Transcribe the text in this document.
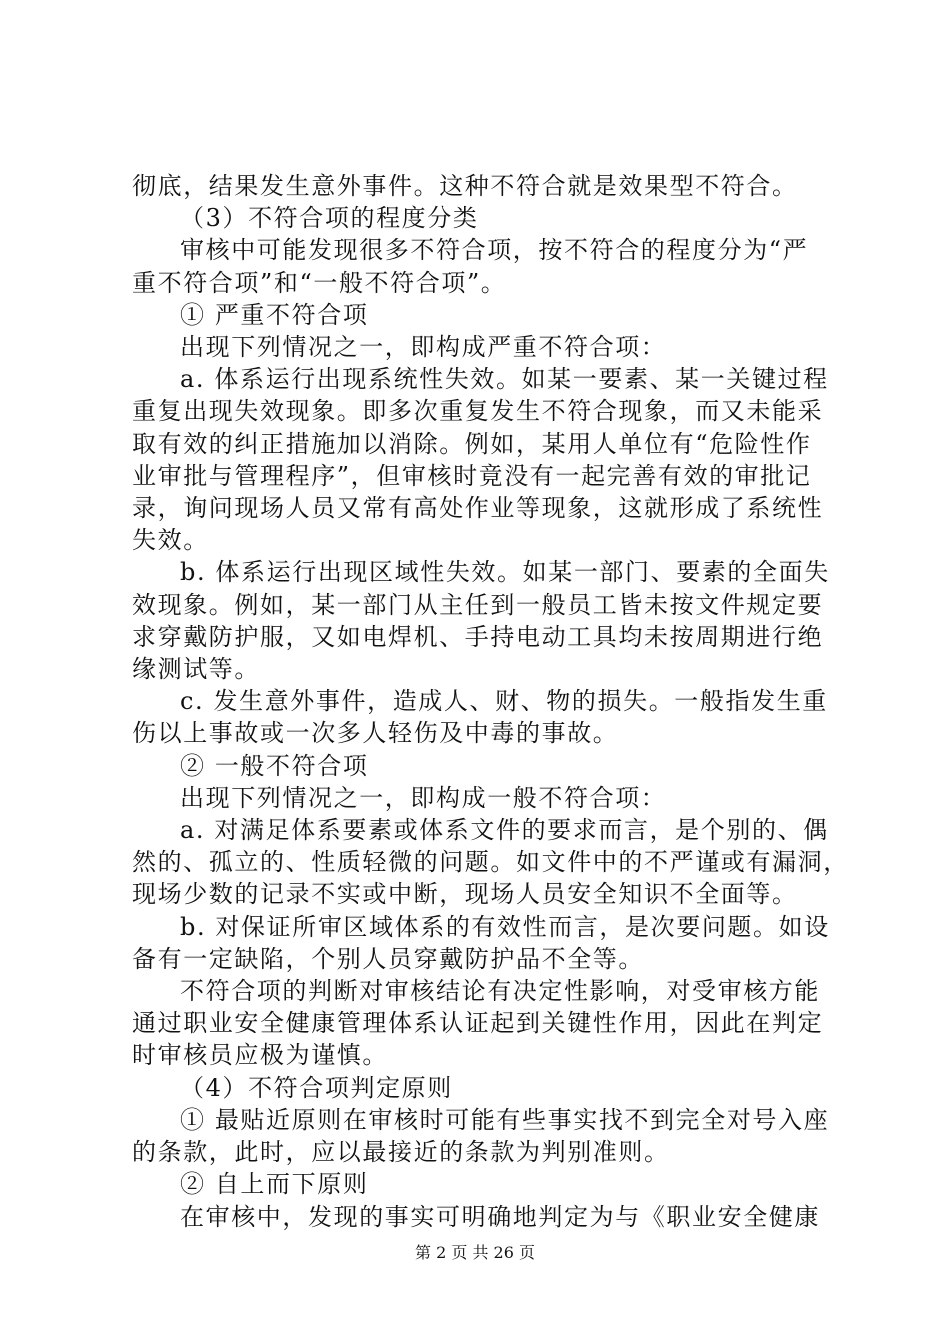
彻底，结果发生意外事件。这种不符合就是效果型不符合。

（3）不符合项的程度分类

审核中可能发现很多不符合项，按不符合的程度分为“严

重不符合项”和“一般不符合项”。

① 严重不符合项

出现下列情况之一，即构成严重不符合项：

a. 体系运行出现系统性失效。如某一要素、某一关键过程

重复出现失效现象。即多次重复发生不符合现象，而又未能采

取有效的纠正措施加以消除。例如，某用人单位有“危险性作

业审批与管理程序”，但审核时竟没有一起完善有效的审批记

录，询问现场人员又常有高处作业等现象，这就形成了系统性

失效。

b. 体系运行出现区域性失效。如某一部门、要素的全面失

效现象。例如，某一部门从主任到一般员工皆未按文件规定要

求穿戴防护服，又如电焊机、手持电动工具均未按周期进行绝

缘测试等。

c. 发生意外事件，造成人、财、物的损失。一般指发生重

伤以上事故或一次多人轻伤及中毒的事故。

② 一般不符合项

出现下列情况之一，即构成一般不符合项：

a. 对满足体系要素或体系文件的要求而言，是个别的、偶

然的、孤立的、性质轻微的问题。如文件中的不严谨或有漏洞，

现场少数的记录不实或中断，现场人员安全知识不全面等。

b. 对保证所审区域体系的有效性而言，是次要问题。如设

备有一定缺陷，个别人员穿戴防护品不全等。

不符合项的判断对审核结论有决定性影响，对受审核方能

通过职业安全健康管理体系认证起到关键性作用，因此在判定

时审核员应极为谨慎。

（4）不符合项判定原则

① 最贴近原则在审核时可能有些事实找不到完全对号入座

的条款，此时，应以最接近的条款为判别准则。

② 自上而下原则

在审核中，发现的事实可明确地判定为与《职业安全健康

第 2 页 共 26 页
